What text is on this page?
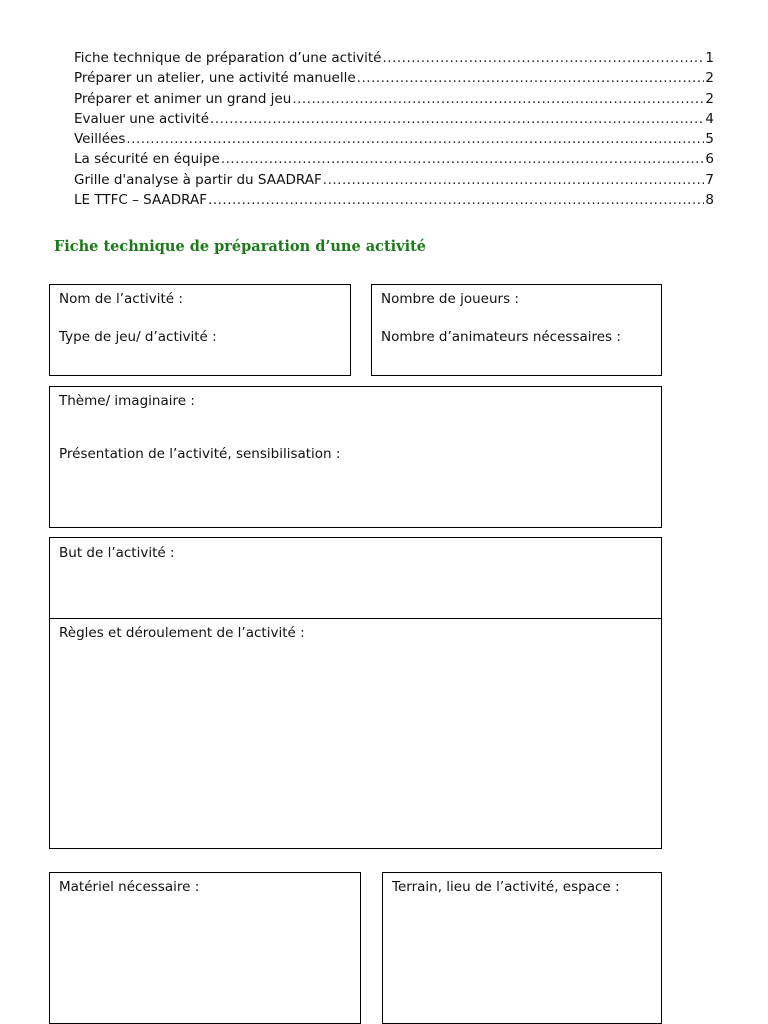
Fiche technique de préparation d’une activité .....	1
Préparer un atelier, une activité manuelle .....	2
Préparer et animer un grand jeu .....	2
Evaluer une activité .....	4
Veillées .....	5
La sécurité en équipe .....	6
Grille d'analyse à partir du SAADRAF .....	7
LE TTFC – SAADRAF .....	8
Fiche technique de préparation d’une activité
Nom de l’activité :
Type de jeu/ d’activité :
Nombre de joueurs :
Nombre d’animateurs nécessaires :
Thème/ imaginaire :
Présentation de l’activité, sensibilisation :
But de l’activité :
Règles et déroulement de l’activité :
Matériel nécessaire :	Terrain, lieu de l’activité, espace :
